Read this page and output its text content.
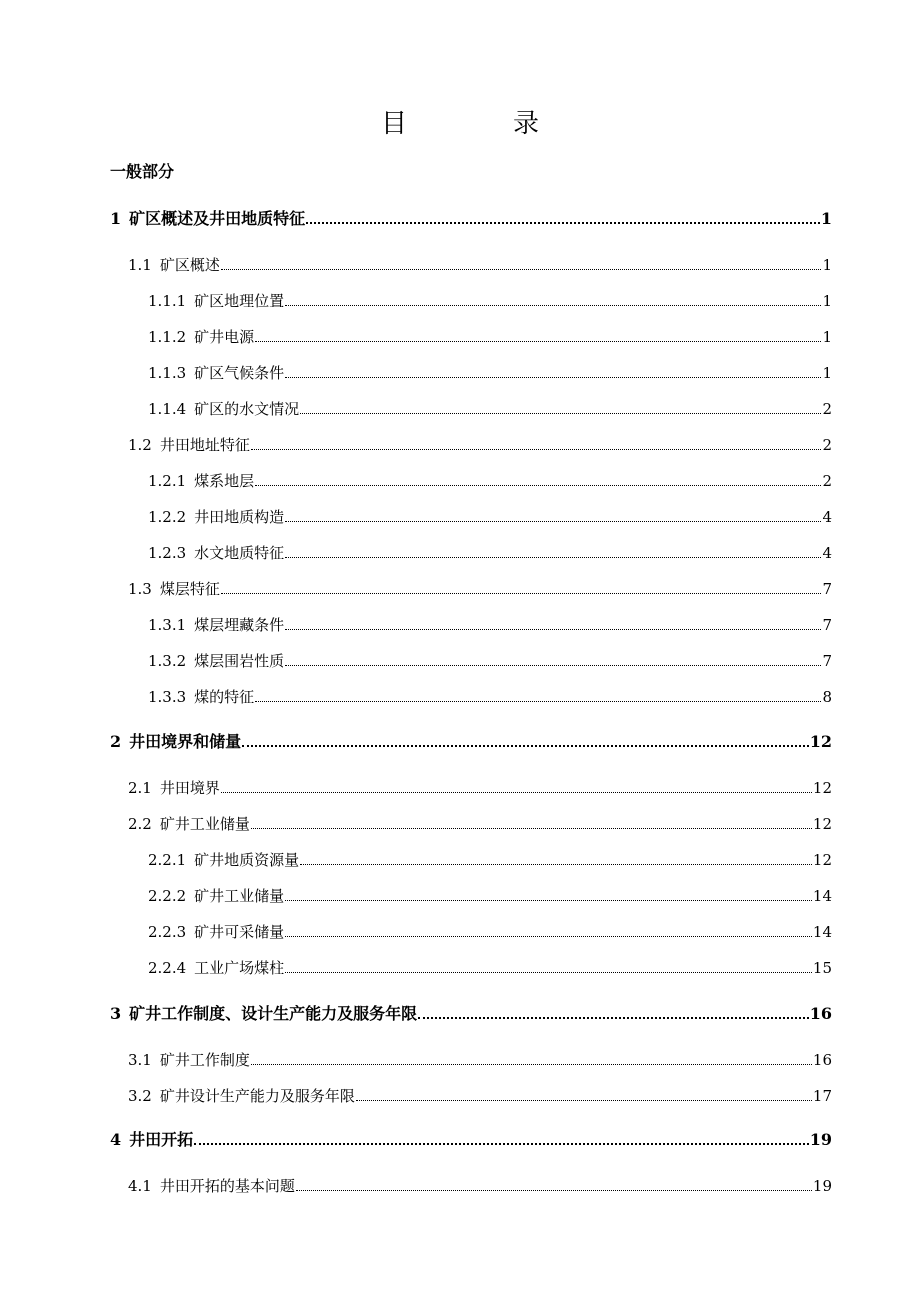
目　录
一般部分
1 矿区概述及井田地质特征	1
1.1 矿区概述	1
1.1.1 矿区地理位置	1
1.1.2 矿井电源	1
1.1.3 矿区气候条件	1
1.1.4 矿区的水文情况	2
1.2 井田地址特征	2
1.2.1 煤系地层	2
1.2.2 井田地质构造	4
1.2.3 水文地质特征	4
1.3 煤层特征	7
1.3.1 煤层埋藏条件	7
1.3.2 煤层围岩性质	7
1.3.3 煤的特征	8
2 井田境界和储量	12
2.1 井田境界	12
2.2 矿井工业储量	12
2.2.1 矿井地质资源量	12
2.2.2 矿井工业储量	14
2.2.3 矿井可采储量	14
2.2.4 工业广场煤柱	15
3 矿井工作制度、设计生产能力及服务年限	16
3.1 矿井工作制度	16
3.2 矿井设计生产能力及服务年限	17
4 井田开拓	19
4.1 井田开拓的基本问题	19
